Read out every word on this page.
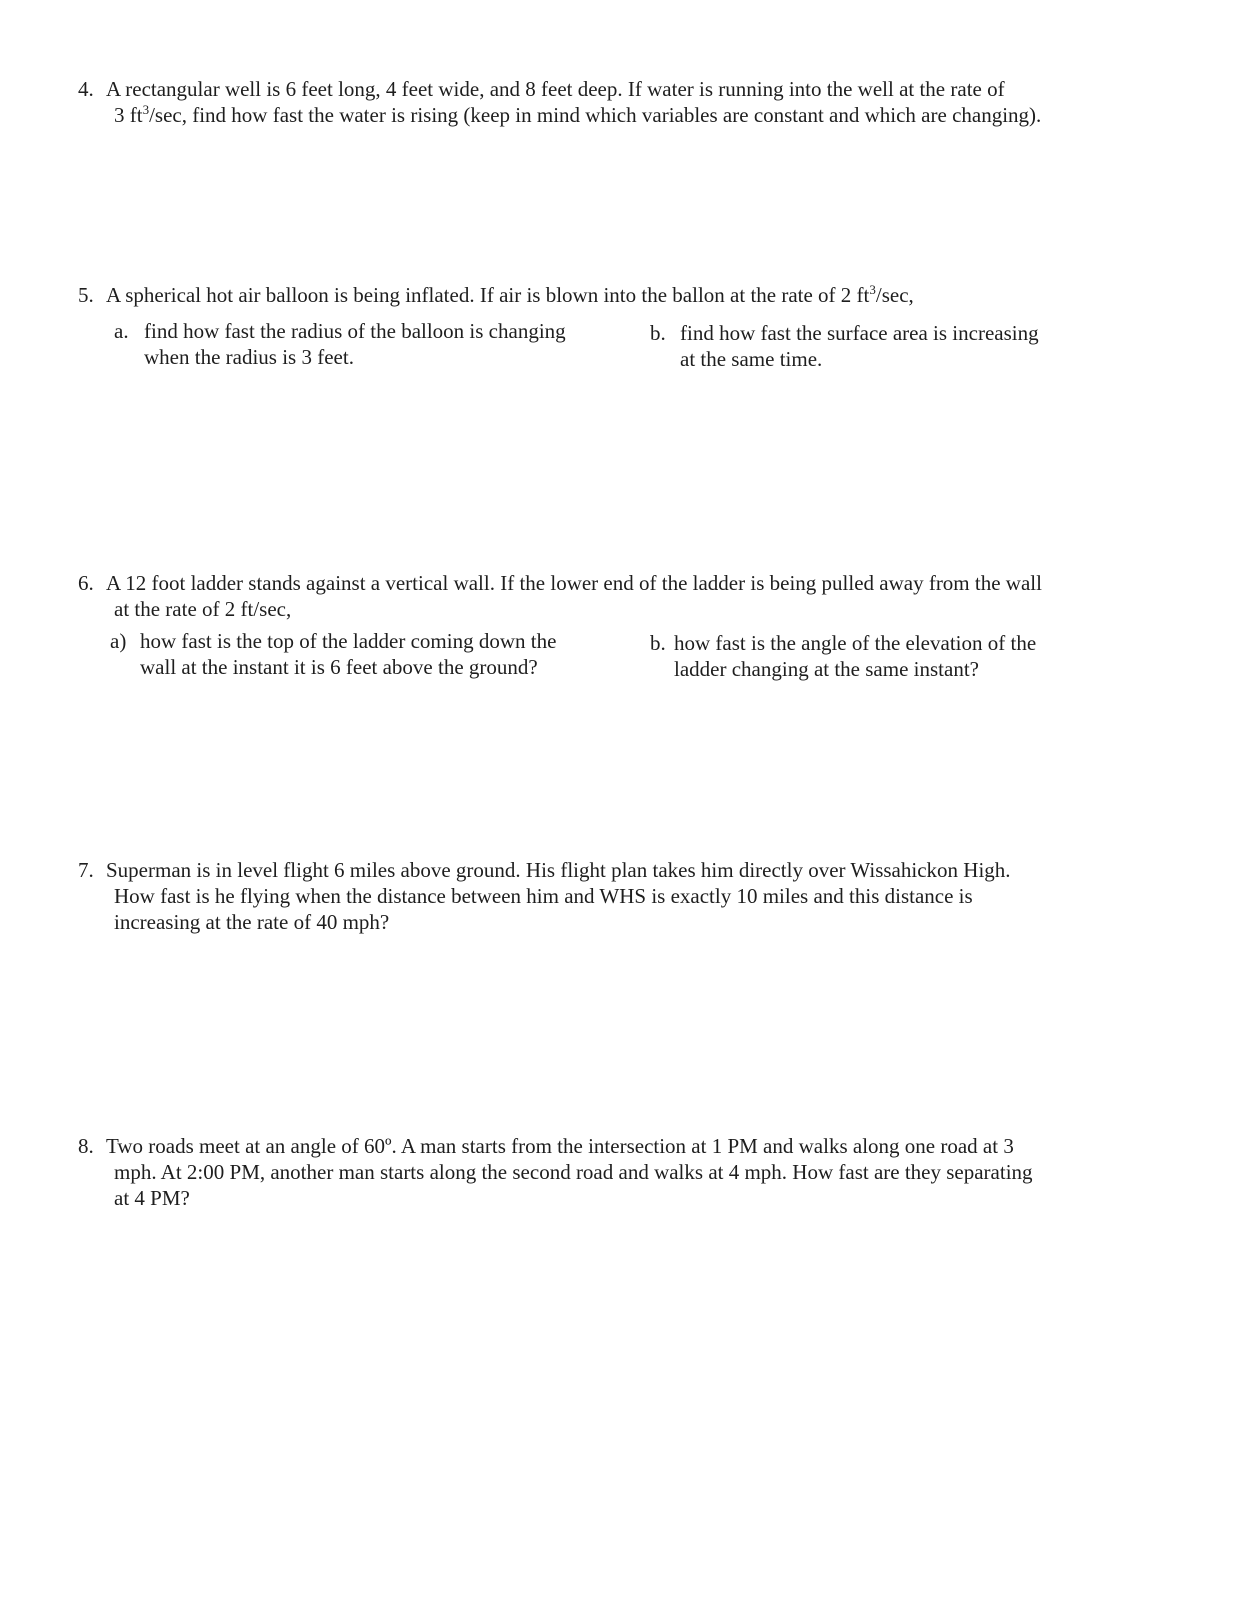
4. A rectangular well is 6 feet long, 4 feet wide, and 8 feet deep. If water is running into the well at the rate of
3 $ft^3/\sec$, find how fast the water is rising (keep in mind which variables are constant and which are changing).
5. A spherical hot air balloon is being inflated. If air is blown into the ballon at the rate of 2 $ft^3/\sec$,
a. find how fast the radius of the balloon is changing
when the radius is 3 feet.
b. find how fast the surface area is increasing
at the same time.
6. A 12 foot ladder stands against a vertical wall. If the lower end of the ladder is being pulled away from the wall
at the rate of 2 ft/sec,
a) how fast is the top of the ladder coming down the
wall at the instant it is 6 feet above the ground?
b. how fast is the angle of the elevation of the
ladder changing at the same instant?
7. Superman is in level flight 6 miles above ground. His flight plan takes him directly over Wissahickon High.
How fast is he flying when the distance between him and WHS is exactly 10 miles and this distance is
increasing at the rate of 40 mph?
8. Two roads meet at an angle of 60º. A man starts from the intersection at 1 PM and walks along one road at 3
mph. At 2:00 PM, another man starts along the second road and walks at 4 mph. How fast are they separating
at 4 PM?
